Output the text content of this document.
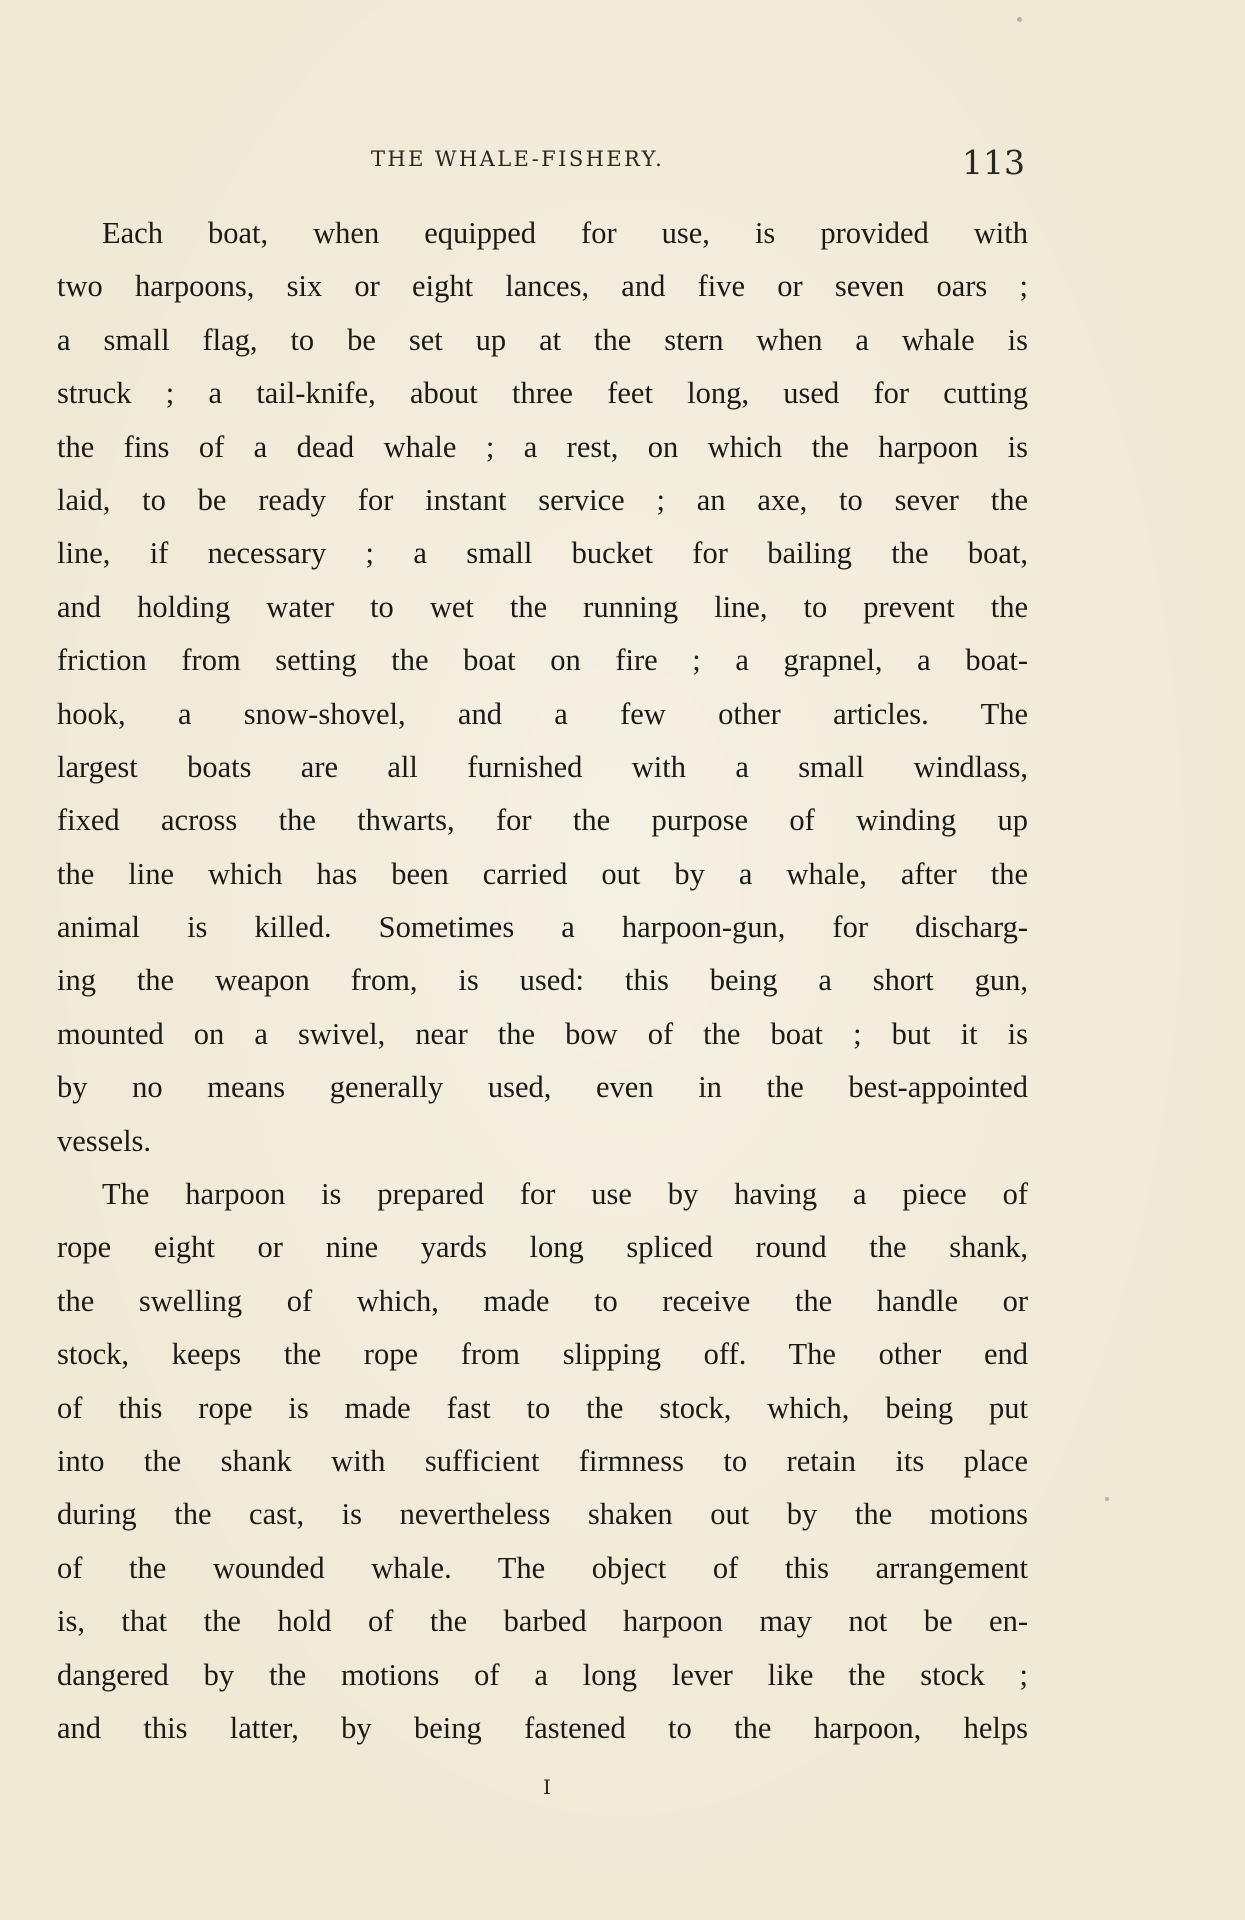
THE WHALE-FISHERY.	113
Each boat, when equipped for use, is provided with
two harpoons, six or eight lances, and five or seven oars ;
a small flag, to be set up at the stern when a whale is
struck ; a tail-knife, about three feet long, used for cutting
the fins of a dead whale ; a rest, on which the harpoon is
laid, to be ready for instant service ; an axe, to sever the
line, if necessary ; a small bucket for bailing the boat,
and holding water to wet the running line, to prevent the
friction from setting the boat on fire ; a grapnel, a boat-
hook, a snow-shovel, and a few other articles. The
largest boats are all furnished with a small windlass,
fixed across the thwarts, for the purpose of winding up
the line which has been carried out by a whale, after the
animal is killed. Sometimes a harpoon-gun, for discharg-
ing the weapon from, is used: this being a short gun,
mounted on a swivel, near the bow of the boat ; but it is
by no means generally used, even in the best-appointed
vessels.
The harpoon is prepared for use by having a piece of
rope eight or nine yards long spliced round the shank,
the swelling of which, made to receive the handle or
stock, keeps the rope from slipping off. The other end
of this rope is made fast to the stock, which, being put
into the shank with sufficient firmness to retain its place
during the cast, is nevertheless shaken out by the motions
of the wounded whale. The object of this arrangement
is, that the hold of the barbed harpoon may not be en-
dangered by the motions of a long lever like the stock ;
and this latter, by being fastened to the harpoon, helps
I
